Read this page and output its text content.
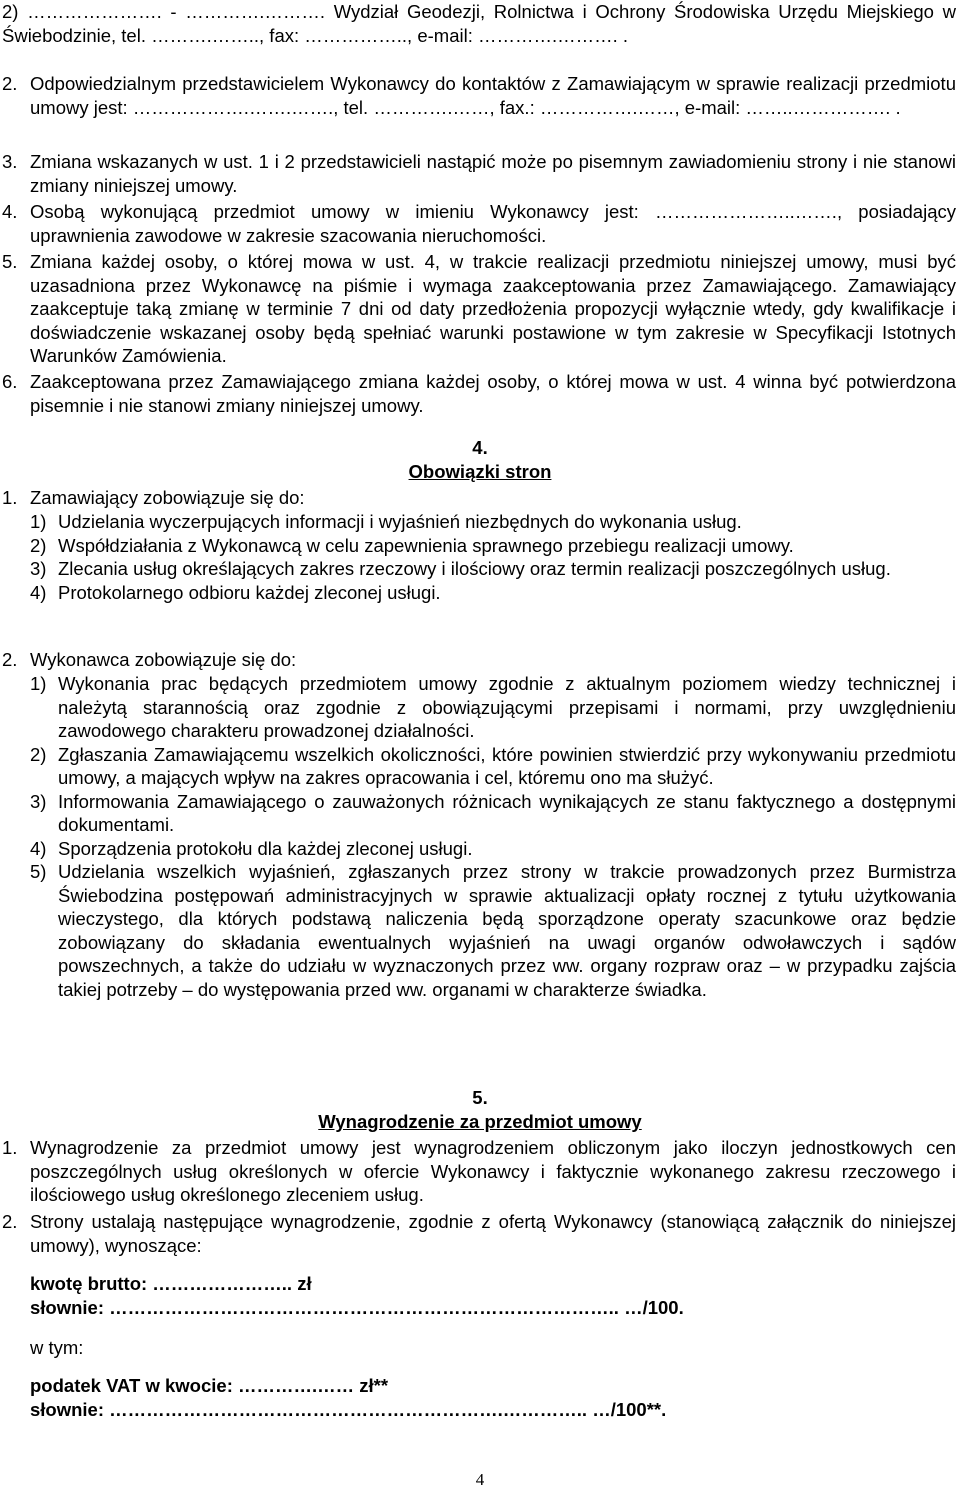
2) …………………. - ………….………. Wydział Geodezji, Rolnictwa i Ochrony Środowiska Urzędu Miejskiego w Świebodzinie, tel. ……….…….., fax: …………….., e-mail: ………….………. .
2. Odpowiedzialnym przedstawicielem Wykonawcy do kontaktów z Zamawiającym w sprawie realizacji przedmiotu umowy jest: ……………….…….……., tel. ………….……, fax.: …………….……, e-mail: ……..……………. .
3. Zmiana wskazanych w ust. 1 i 2 przedstawicieli nastąpić może po pisemnym zawiadomieniu strony i nie stanowi zmiany niniejszej umowy.
4. Osobą wykonującą przedmiot umowy w imieniu Wykonawcy jest: …………………..……., posiadający uprawnienia zawodowe w zakresie szacowania nieruchomości.
5. Zmiana każdej osoby, o której mowa w ust. 4, w trakcie realizacji przedmiotu niniejszej umowy, musi być uzasadniona przez Wykonawcę na piśmie i wymaga zaakceptowania przez Zamawiającego. Zamawiający zaakceptuje taką zmianę w terminie 7 dni od daty przedłożenia propozycji wyłącznie wtedy, gdy kwalifikacje i doświadczenie wskazanej osoby będą spełniać warunki postawione w tym zakresie w Specyfikacji Istotnych Warunków Zamówienia.
6. Zaakceptowana przez Zamawiającego zmiana każdej osoby, o której mowa w ust. 4 winna być potwierdzona pisemnie i nie stanowi zmiany niniejszej umowy.
4.
Obowiązki stron
1. Zamawiający zobowiązuje się do:
1) Udzielania wyczerpujących informacji i wyjaśnień niezbędnych do wykonania usług.
2) Współdziałania z Wykonawcą w celu zapewnienia sprawnego przebiegu realizacji umowy.
3) Zlecania usług określających zakres rzeczowy i ilościowy oraz termin realizacji poszczególnych usług.
4) Protokolarnego odbioru każdej zleconej usługi.
2. Wykonawca zobowiązuje się do:
1) Wykonania prac będących przedmiotem umowy zgodnie z aktualnym poziomem wiedzy technicznej i należytą starannością oraz zgodnie z obowiązującymi przepisami i normami, przy uwzględnieniu zawodowego charakteru prowadzonej działalności.
2) Zgłaszania Zamawiającemu wszelkich okoliczności, które powinien stwierdzić przy wykonywaniu przedmiotu umowy, a mających wpływ na zakres opracowania i cel, któremu ono ma służyć.
3) Informowania Zamawiającego o zauważonych różnicach wynikających ze stanu faktycznego a dostępnymi dokumentami.
4) Sporządzenia protokołu dla każdej zleconej usługi.
5) Udzielania wszelkich wyjaśnień, zgłaszanych przez strony w trakcie prowadzonych przez Burmistrza Świebodzina postępowań administracyjnych w sprawie aktualizacji opłaty rocznej z tytułu użytkowania wieczystego, dla których podstawą naliczenia będą sporządzone operaty szacunkowe oraz będzie zobowiązany do składania ewentualnych wyjaśnień na uwagi organów odwoławczych i sądów powszechnych, a także do udziału w wyznaczonych przez ww. organy rozpraw oraz – w przypadku zajścia takiej potrzeby – do występowania przed ww. organami w charakterze świadka.
5.
Wynagrodzenie za przedmiot umowy
1. Wynagrodzenie za przedmiot umowy jest wynagrodzeniem obliczonym jako iloczyn jednostkowych cen poszczególnych usług określonych w ofercie Wykonawcy i faktycznie wykonanego zakresu rzeczowego i ilościowego usług określonego zleceniem usług.
2. Strony ustalają następujące wynagrodzenie, zgodnie z ofertą Wykonawcy (stanowiącą załącznik do niniejszej umowy), wynoszące:
kwotę brutto: ………………….. zł
słownie: ……………………………………………………………………….. …/100.
w tym:
podatek VAT w kwocie: ………….…… zł**
słownie: ……………………………………………………….………….. …/100**.
4
